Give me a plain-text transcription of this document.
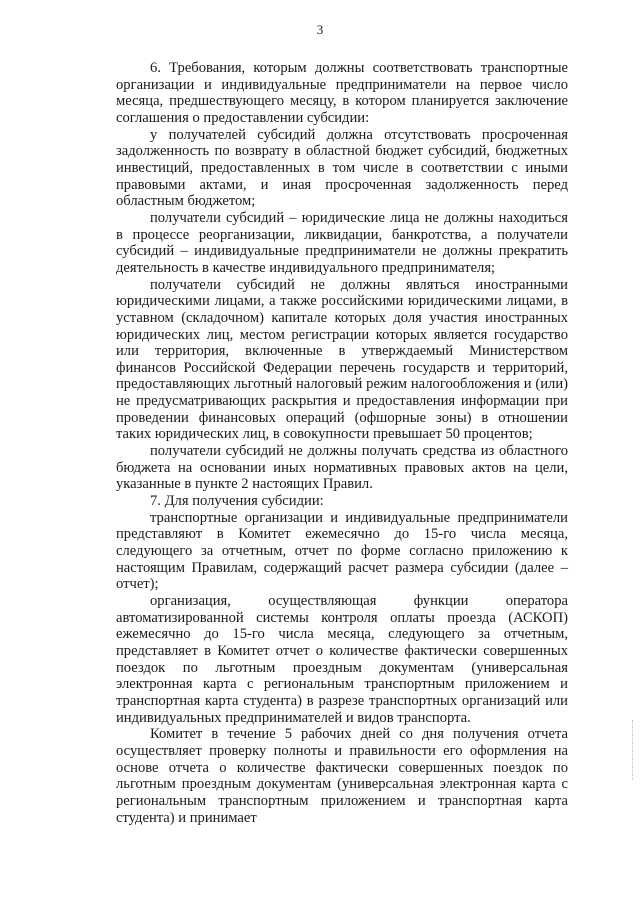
3

6. Требования, которым должны соответствовать транспортные организации и индивидуальные предприниматели на первое число месяца, предшествующего месяцу, в котором планируется заключение соглашения о предоставлении субсидии:

у получателей субсидий должна отсутствовать просроченная задолженность по возврату в областной бюджет субсидий, бюджетных инвестиций, предоставленных в том числе в соответствии с иными правовыми актами, и иная просроченная задолженность перед областным бюджетом;

получатели субсидий – юридические лица не должны находиться в процессе реорганизации, ликвидации, банкротства, а получатели субсидий – индивидуальные предприниматели не должны прекратить деятельность в качестве индивидуального предпринимателя;

получатели субсидий не должны являться иностранными юридическими лицами, а также российскими юридическими лицами, в уставном (складочном) капитале которых доля участия иностранных юридических лиц, местом регистрации которых является государство или территория, включенные в утверждаемый Министерством финансов Российской Федерации перечень государств и территорий, предоставляющих льготный налоговый режим налогообложения и (или) не предусматривающих раскрытия и предоставления информации при проведении финансовых операций (офшорные зоны) в отношении таких юридических лиц, в совокупности превышает 50 процентов;

получатели субсидий не должны получать средства из областного бюджета на основании иных нормативных правовых актов на цели, указанные в пункте 2 настоящих Правил.

7. Для получения субсидии:

транспортные организации и индивидуальные предприниматели представляют в Комитет ежемесячно до 15-го числа месяца, следующего за отчетным, отчет по форме согласно приложению к настоящим Правилам, содержащий расчет размера субсидии (далее – отчет);

организация, осуществляющая функции оператора автоматизированной системы контроля оплаты проезда (АСКОП) ежемесячно до 15-го числа месяца, следующего за отчетным, представляет в Комитет отчет о количестве фактически совершенных поездок по льготным проездным документам (универсальная электронная карта с региональным транспортным приложением и транспортная карта студента) в разрезе транспортных организаций или индивидуальных предпринимателей и видов транспорта.

Комитет в течение 5 рабочих дней со дня получения отчета осуществляет проверку полноты и правильности его оформления на основе отчета о количестве фактически совершенных поездок по льготным проездным документам (универсальная электронная карта с региональным транспортным приложением и транспортная карта студента) и принимает
